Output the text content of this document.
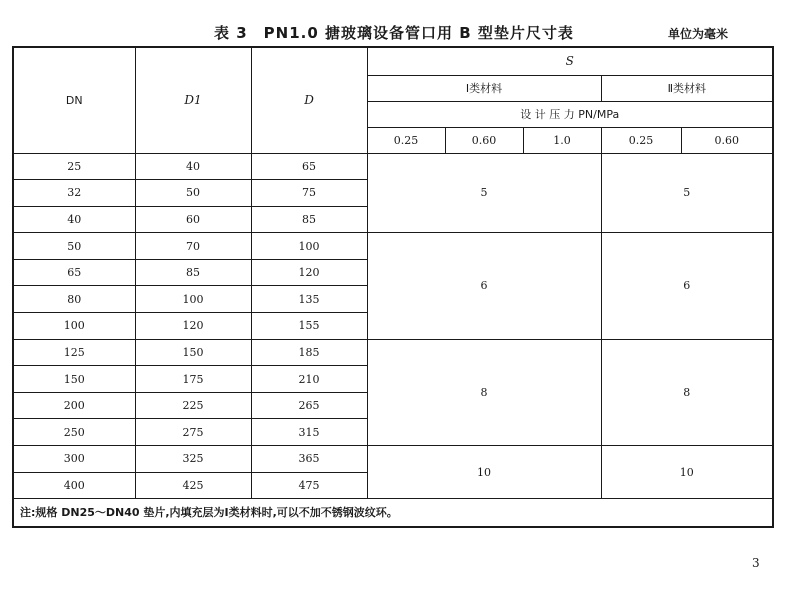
表 3　PN1.0 搪玻璃设备管口用 B 型垫片尺寸表	单位为毫米
DN	D1	D	S				
			Ⅰ类材料			Ⅱ类材料	
			设 计 压 力 PN/MPa				
			0.25	0.60	1.0	0.25	0.60
25	40	65	5			5	
32	50	75					
40	60	85					
50	70	100	6			6	
65	85	120					
80	100	135					
100	120	155					
125	150	185	8			8	
150	175	210					
200	225	265					
250	275	315					
300	325	365	10			10	
400	425	475					
注:规格 DN25～DN40 垫片,内填充层为Ⅰ类材料时,可以不加不锈钢波纹环。							
3
